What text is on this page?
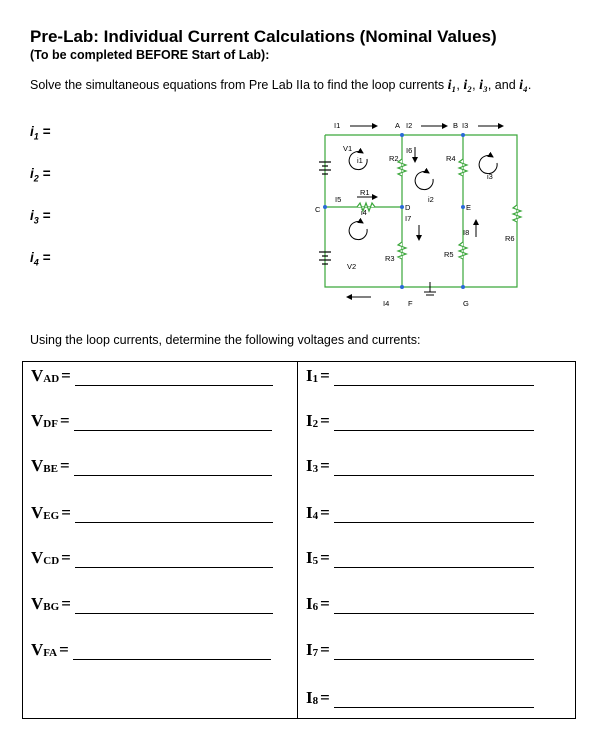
Pre-Lab: Individual Current Calculations (Nominal Values)
(To be completed BEFORE Start of Lab):
Solve the simultaneous equations from Pre Lab IIa to find the loop currents i₁, i₂, i₃, and i₄.
$i_1$ =
$i_2$ =
$i_3$ =
$i_4$ =
I1	A I2	B I3
V1
i1	R2
I6
R4
i3
R1
i2
I5
C	D
i4
I7
E
I8
R6
V2
R3	R5
I4 F	G
Using the loop currents, determine the following voltages and currents:
$V_{AD}$ =
$V_{DF}$ =
$V_{BE}$ =
$V_{EG}$ =
$V_{CD}$ =
$V_{BG}$ =
$V_{FA}$ =
$I_1$ =
$I_2$ =
$I_3$ =
$I_4$ =
$I_5$ =
$I_6$ =
$I_7$ =
$I_8$ =
